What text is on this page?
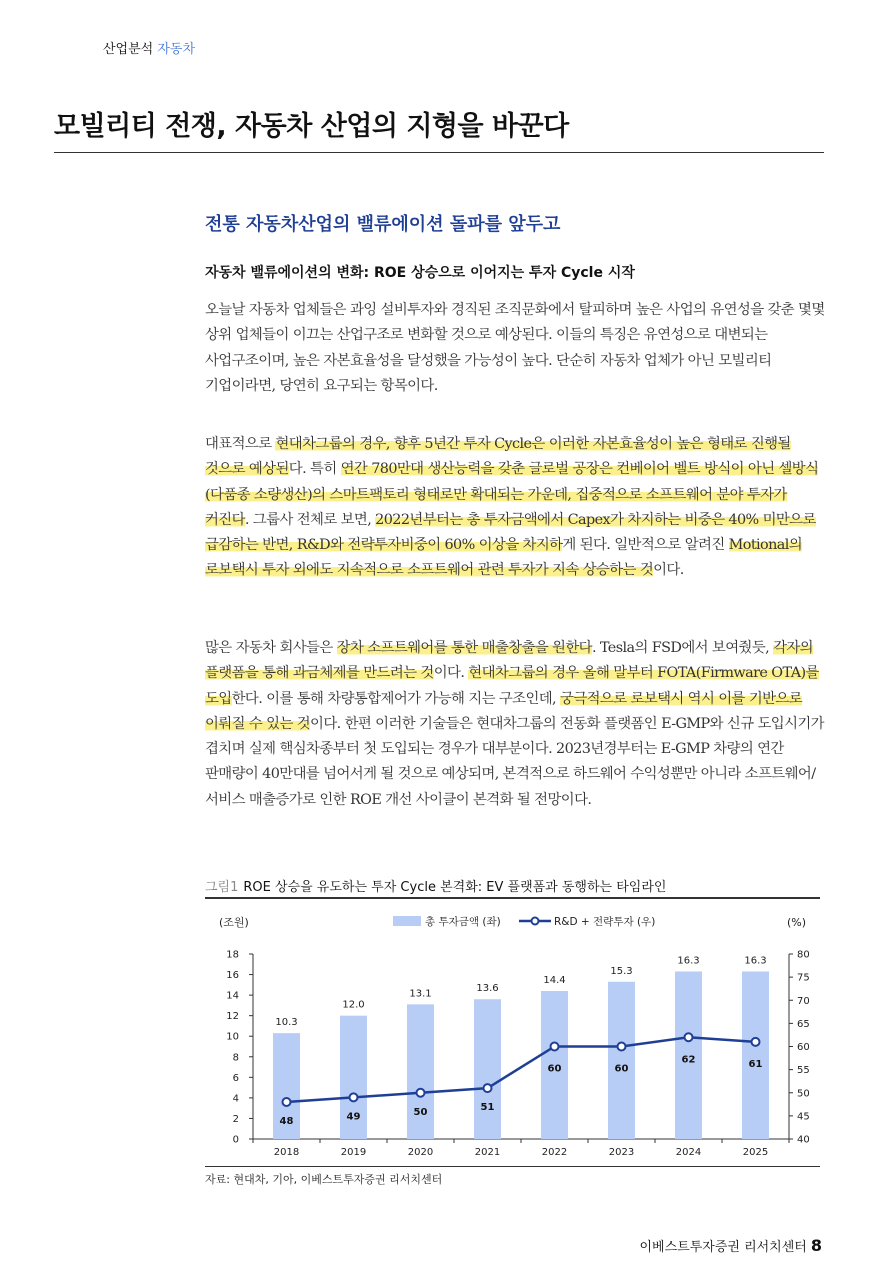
산업분석 자동차
모빌리티 전쟁, 자동차 산업의 지형을 바꾼다
전통 자동차산업의 밸류에이션 돌파를 앞두고
자동차 밸류에이션의 변화: ROE 상승으로 이어지는 투자 Cycle 시작
오늘날 자동차 업체들은 과잉 설비투자와 경직된 조직문화에서 탈피하며 높은 사업의 유연성을 갖춘 몇몇 상위 업체들이 이끄는 산업구조로 변화할 것으로 예상된다. 이들의 특징은 유연성으로 대변되는 사업구조이며, 높은 자본효율성을 달성했을 가능성이 높다. 단순히 자동차 업체가 아닌 모빌리티 기업이라면, 당연히 요구되는 항목이다.
대표적으로 현대차그룹의 경우, 향후 5년간 투자 Cycle은 이러한 자본효율성이 높은 형태로 진행될 것으로 예상된다. 특히 연간 780만대 생산능력을 갖춘 글로벌 공장은 컨베이어 벨트 방식이 아닌 셀방식(다품종 소량생산)의 스마트팩토리 형태로만 확대되는 가운데, 집중적으로 소프트웨어 분야 투자가 커진다. 그룹사 전체로 보면, 2022년부터는 총 투자금액에서 Capex가 차지하는 비중은 40% 미만으로 급감하는 반면, R&D와 전략투자비중이 60% 이상을 차지하게 된다. 일반적으로 알려진 Motional의 로보택시 투자 외에도 지속적으로 소프트웨어 관련 투자가 지속 상승하는 것이다.
많은 자동차 회사들은 장차 소프트웨어를 통한 매출창출을 원한다. Tesla의 FSD에서 보여줬듯, 각자의 플랫폼을 통해 과금체제를 만드려는 것이다. 현대차그룹의 경우 올해 말부터 FOTA(Firmware OTA)를 도입한다. 이를 통해 차량통합제어가 가능해 지는 구조인데, 궁극적으로 로보택시 역시 이를 기반으로 이뤄질 수 있는 것이다. 한편 이러한 기술들은 현대차그룹의 전동화 플랫폼인 E-GMP와 신규 도입시기가 겹치며 실제 핵심차종부터 첫 도입되는 경우가 대부분이다. 2023년경부터는 E-GMP 차량의 연간 판매량이 40만대를 넘어서게 될 것으로 예상되며, 본격적으로 하드웨어 수익성뿐만 아니라 소프트웨어/서비스 매출증가로 인한 ROE 개선 사이클이 본격화 될 전망이다.
그림1 ROE 상승을 유도하는 투자 Cycle 본격화: EV 플랫폼과 동행하는 타임라인
총 투자금액 (좌)	R&D + 전략투자 (우)
(조원)	(%)
0
2
4
6
8
10
12
14
16
18
40
45
50
55
60
65
70
75
80
2018	2019	2020	2021	2022	2023	2024	2025
10.3
12.0
13.1	13.6
14.4
15.3
16.3	16.3
48	49	50	51
60	60
62	61
자료: 현대차, 기아, 이베스트투자증권 리서치센터
이베스트투자증권 리서치센터 8
